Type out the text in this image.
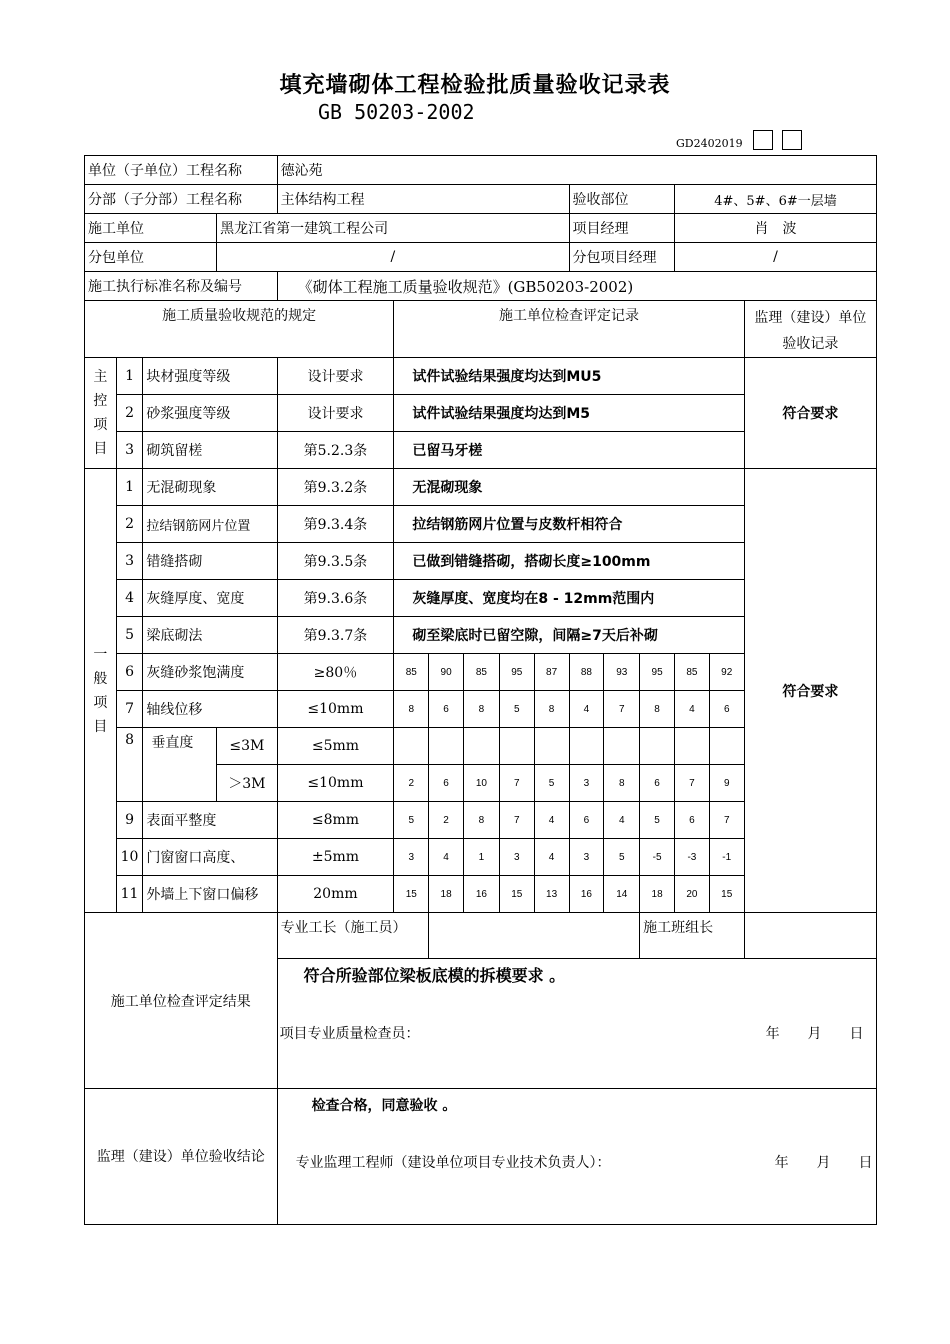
填充墙砌体工程检验批质量验收记录表
GB 50203-2002
GD2402019
单位（子单位）工程名称				德沁苑											
分部（子分部）工程名称				主体结构工程						验收部位			4#、5#、6#一层墙		
施工单位			黑龙江省第一建筑工程公司							项目经理			肖　波		
分包单位			/							分包项目经理			/		
施工执行标准名称及编号				《砌体工程施工质量验收规范》(GB50203-2002)											
施工质量验收规范的规定					施工单位检查评定记录										监理（建设）单位验收记录
主控项目	1	块材强度等级		设计要求	试件试验结果强度均达到MU5										符合要求
	2	砂浆强度等级		设计要求	试件试验结果强度均达到M5										
	3	砌筑留槎		第5.2.3条	已留马牙槎										
一般项目	1	无混砌现象		第9.3.2条	无混砌现象										符合要求
	2	拉结钢筋网片位置		第9.3.4条	拉结钢筋网片位置与皮数杆相符合										
	3	错缝搭砌		第9.3.5条	已做到错缝搭砌，搭砌长度≥100mm										
	4	灰缝厚度、宽度		第9.3.6条	灰缝厚度、宽度均在8 - 12mm范围内										
	5	梁底砌法		第9.3.7条	砌至梁底时已留空隙，间隔≥7天后补砌										
	6	灰缝砂浆饱满度		≥80％	85	90	85	95	87	88	93	95	85	92	
	7	轴线位移		≤10mm	8	6	8	5	8	4	7	8	4	6	
	8	垂直度	≤3M	≤5mm											
			＞3M	≤10mm	2	6	10	7	5	3	8	6	7	9	
	9	表面平整度		≤8mm	5	2	8	7	4	6	4	5	6	7	
	10	门窗窗口高度、		±5mm	3	4	1	3	4	3	5	-5	-3	-1	
	11	外墙上下窗口偏移		20mm	15	18	16	15	13	16	14	18	20	15	
施工单位检查评定结果				专业工长（施工员）								施工班组长			

				符合所验部位梁板底模的拆模要求 。
项目专业质量检查员： 年　　月　　日											

监理（建设）单位验收结论				检查合格，同意验收 。
专业监理工程师（建设单位项目专业技术负责人）： 年　　月　　日											
